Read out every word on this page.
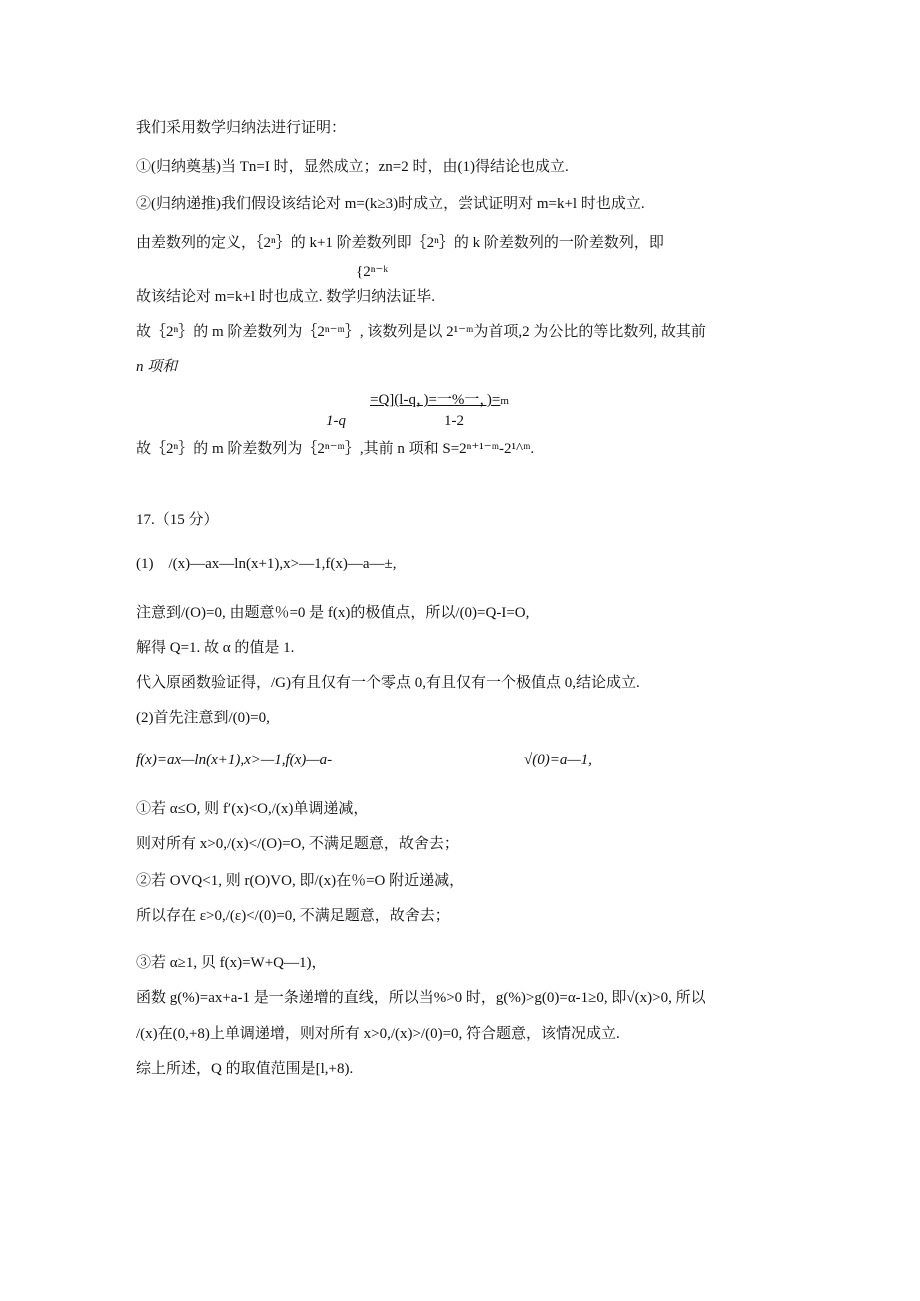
我们采用数学归纳法进行证明：
①(归纳奠基)当 Tn=I 时，显然成立；zn=2 时，由(1)得结论也成立.
②(归纳递推)我们假设该结论对 m=(k≥3)时成立，尝试证明对 m=k+l 时也成立.
由差数列的定义，｛2ⁿ｝的 k+1 阶差数列即｛2ⁿ｝的 k 阶差数列的一阶差数列，即
{2ⁿ⁻ᵏ
故该结论对 m=k+l 时也成立. 数学归纳法证毕.
故｛2ⁿ｝的 m 阶差数列为｛2ⁿ⁻ᵐ｝, 该数列是以 2¹⁻ᵐ为首项,2 为公比的等比数列, 故其前
n 项和
=Q](l-q，)=一%一，)=m
1-q	1-2
故｛2ⁿ｝的 m 阶差数列为｛2ⁿ⁻ᵐ｝,其前 n 项和 S=2ⁿ⁺¹⁻ᵐ-2¹^ᵐ.
17.（15 分）
(1)　/(x)—ax—ln(x+1),x>—1,f(x)—a—±,
注意到/(O)=0, 由题意％=0 是 f(x)的极值点，所以/(0)=Q-I=O,
解得 Q=1. 故 α 的值是 1.
代入原函数验证得，/G)有且仅有一个零点 0,有且仅有一个极值点 0,结论成立.
(2)首先注意到/(0)=0,
f(x)=ax—ln(x+1),x>—1,f(x)—a-	√(0)=a—1,
①若 α≤O, 则 f′(x)<O,/(x)单调递减，
则对所有 x>0,/(x)</(O)=O, 不满足题意，故舍去；
②若 OVQ<1, 则 r(O)VO, 即/(x)在％=O 附近递减，
所以存在 ε>0,/(ε)</(0)=0, 不满足题意，故舍去；
③若 α≥1, 贝 f(x)=W+Q—1)，
函数 g(%)=ax+a-1 是一条递增的直线，所以当%>0 时，g(%)>g(0)=α-1≥0, 即√(x)>0, 所以
/(x)在(0,+8)上单调递增，则对所有 x>0,/(x)>/(0)=0, 符合题意，该情况成立.
综上所述，Q 的取值范围是[l,+8).
